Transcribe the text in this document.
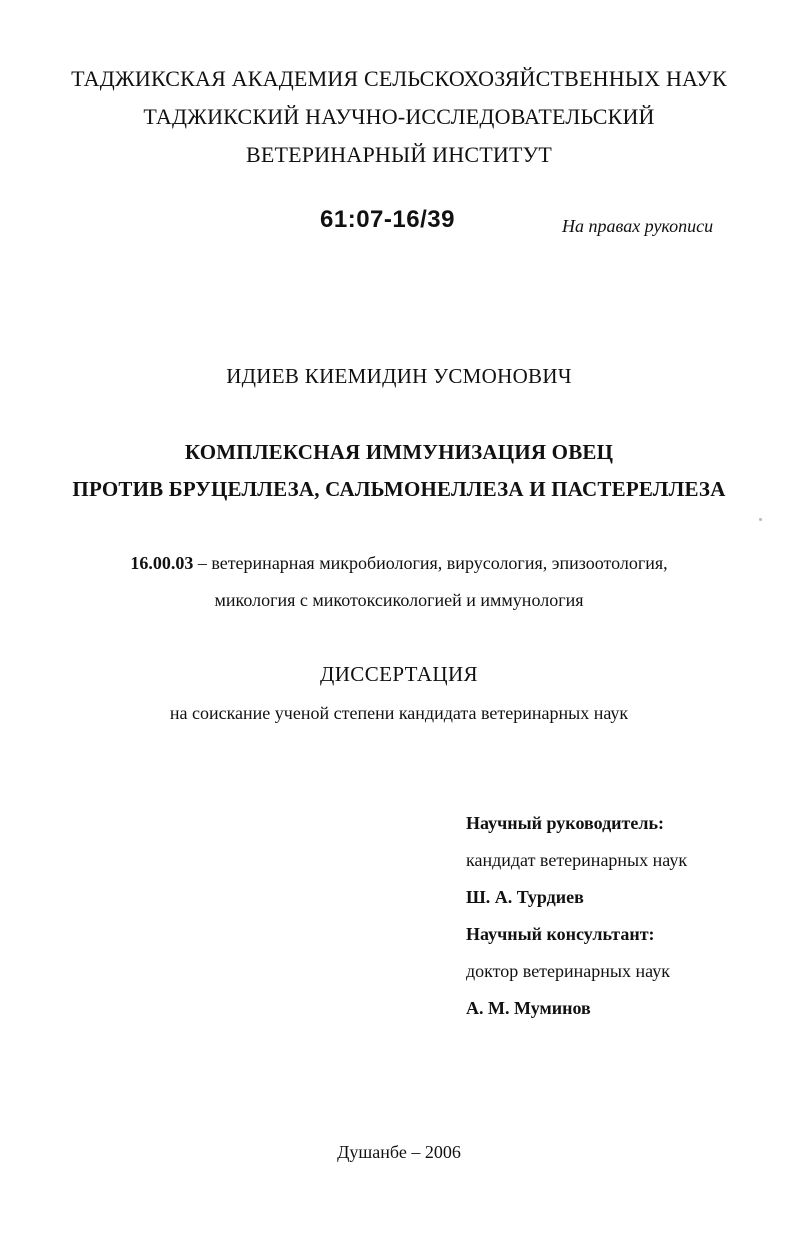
ТАДЖИКСКАЯ АКАДЕМИЯ СЕЛЬСКОХОЗЯЙСТВЕННЫХ НАУК
ТАДЖИКСКИЙ НАУЧНО-ИССЛЕДОВАТЕЛЬСКИЙ
ВЕТЕРИНАРНЫЙ ИНСТИТУТ
61:07-16/39	На правах рукописи
ИДИЕВ КИЕМИДИН УСМОНОВИЧ
КОМПЛЕКСНАЯ ИММУНИЗАЦИЯ ОВЕЦ
ПРОТИВ БРУЦЕЛЛЕЗА, САЛЬМОНЕЛЛЕЗА И ПАСТЕРЕЛЛЕЗА
16.00.03 – ветеринарная микробиология, вирусология, эпизоотология,
микология с микотоксикологией и иммунология
ДИССЕРТАЦИЯ
на соискание ученой степени кандидата ветеринарных наук
Научный руководитель:
кандидат ветеринарных наук
Ш. А. Турдиев
Научный консультант:
доктор ветеринарных наук
А. М. Муминов
Душанбе – 2006
